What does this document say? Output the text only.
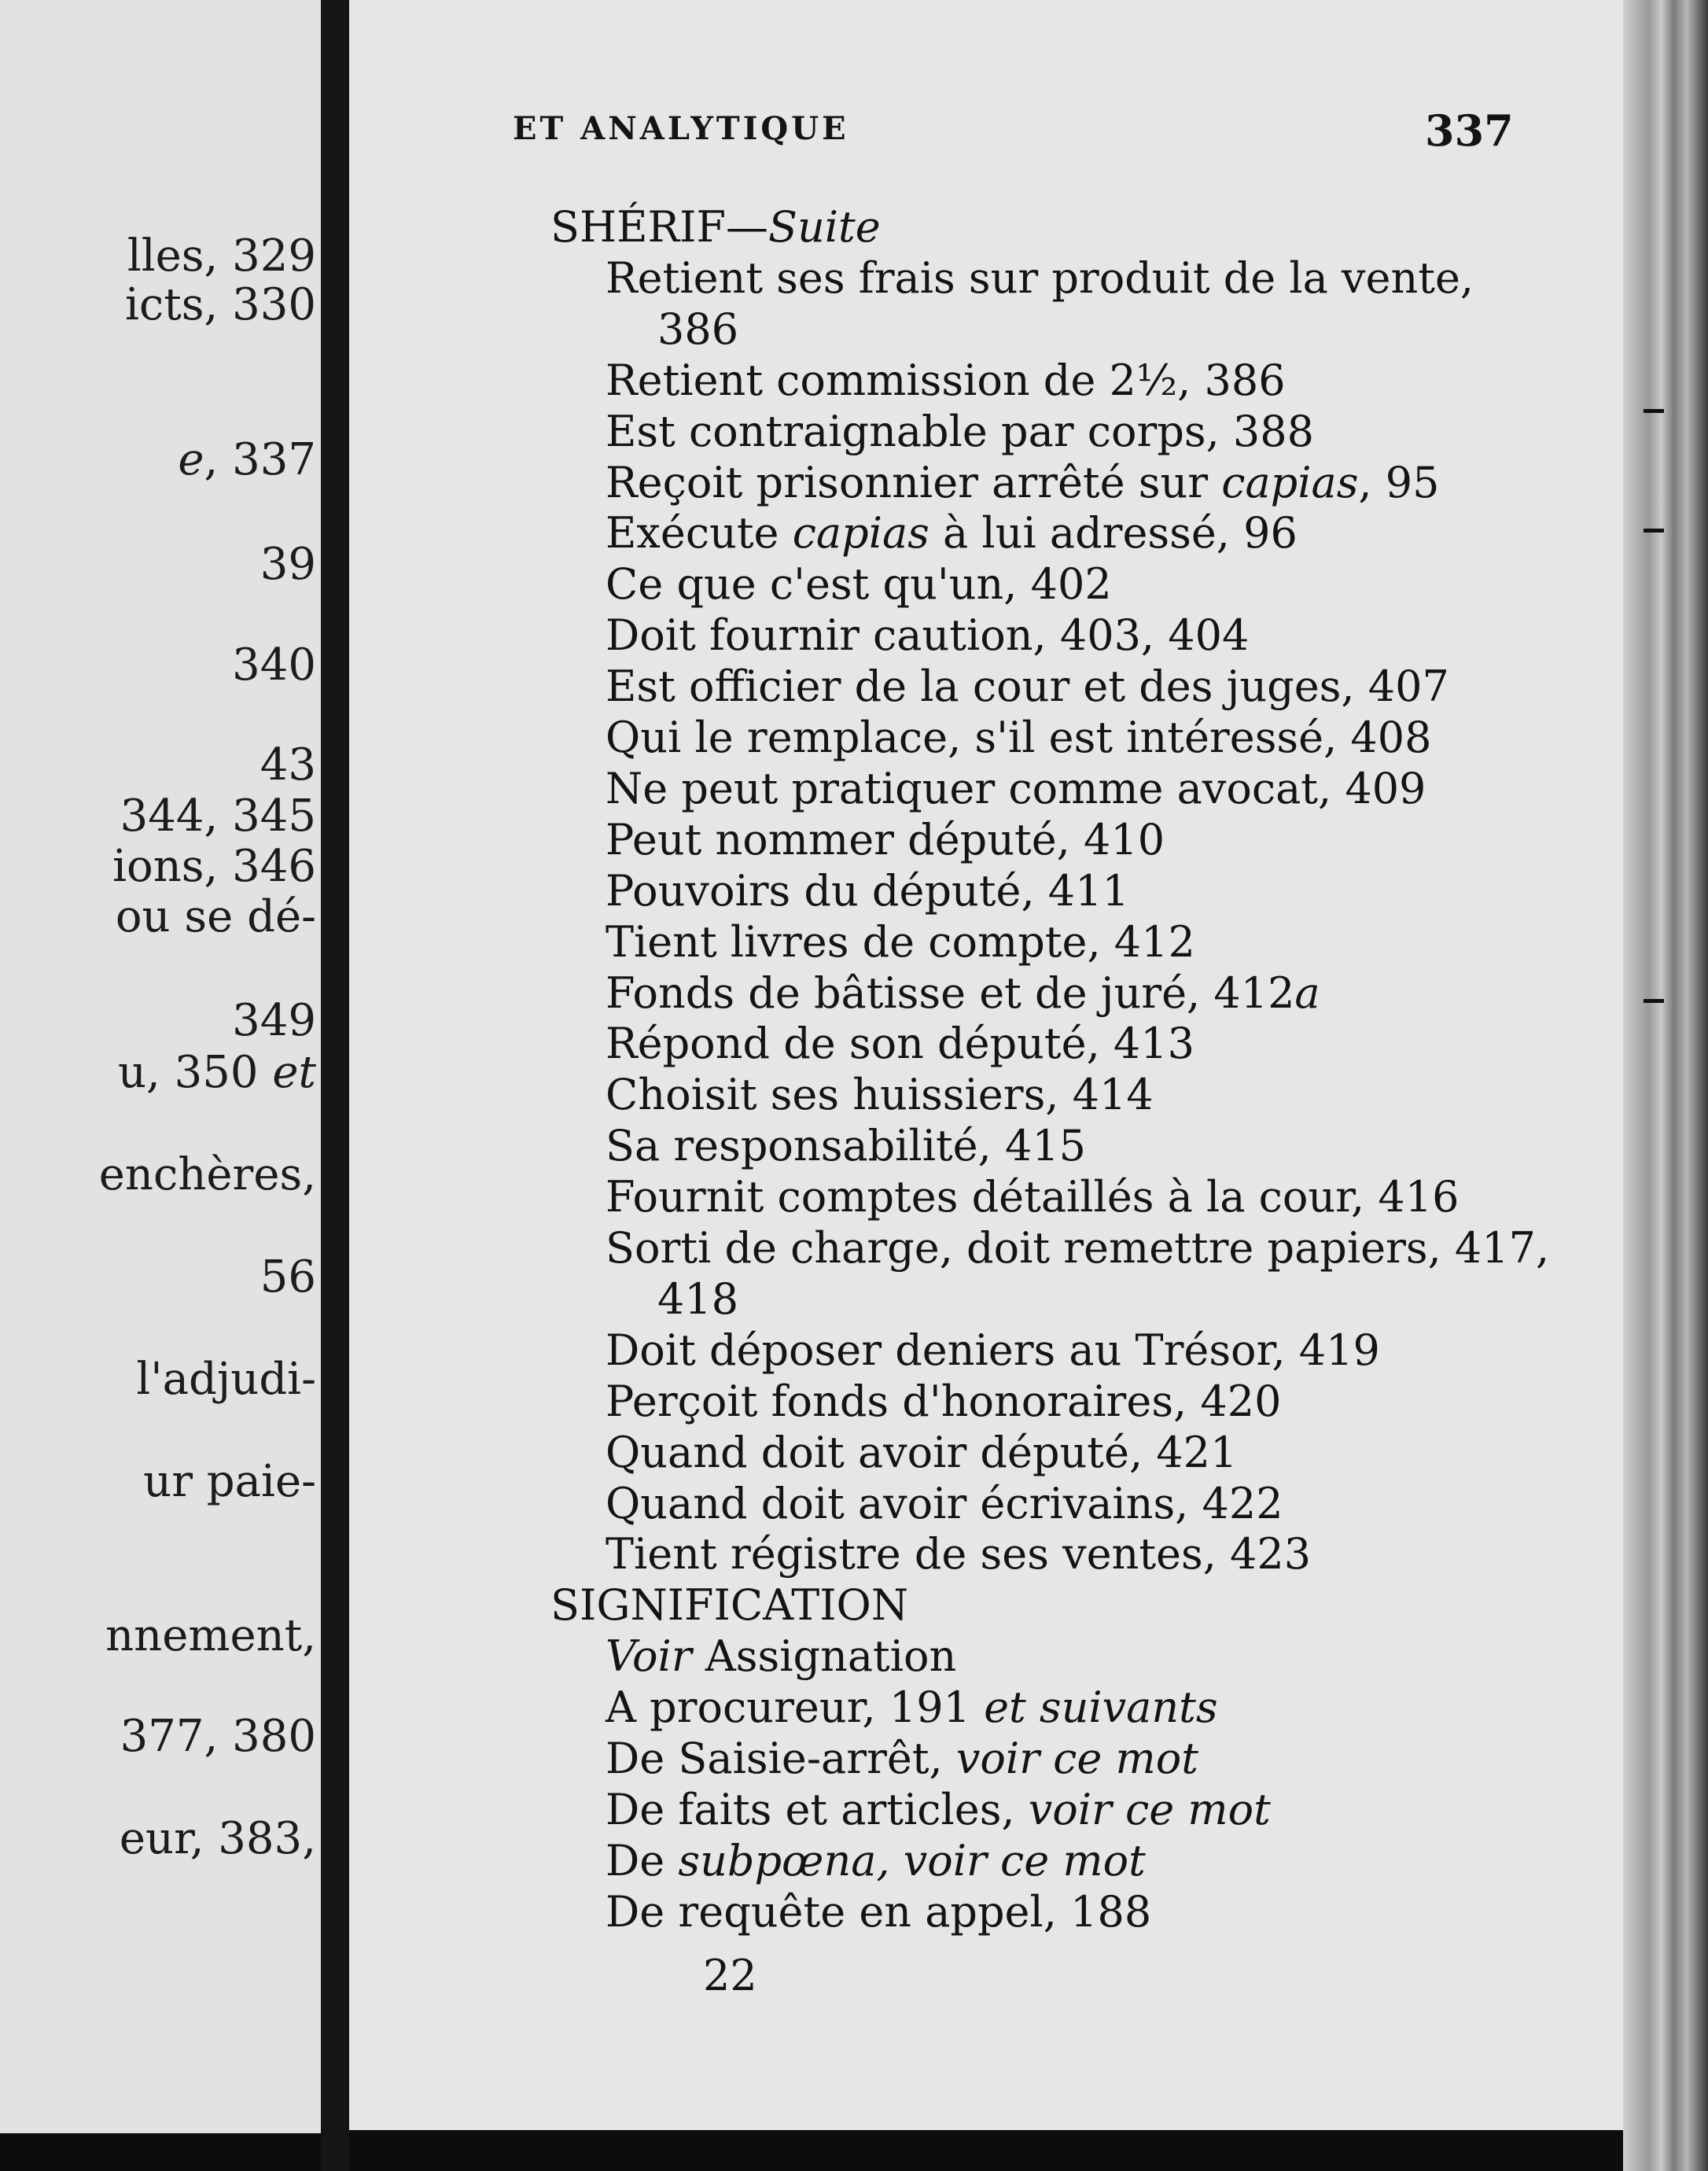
lles, 329
icts, 330
e, 337
39
340
43
344, 345
ions, 346
ou se dé-
349
u, 350 et
enchères,
56
l'adjudi-
ur paie-
nnement,
377, 380
eur, 383,
ET ANALYTIQUE	337
SHÉRIF—Suite
Retient ses frais sur produit de la vente,
386
Retient commission de 2½, 386
Est contraignable par corps, 388
Reçoit prisonnier arrêté sur capias, 95
Exécute capias à lui adressé, 96
Ce que c'est qu'un, 402
Doit fournir caution, 403, 404
Est officier de la cour et des juges, 407
Qui le remplace, s'il est intéressé, 408
Ne peut pratiquer comme avocat, 409
Peut nommer député, 410
Pouvoirs du député, 411
Tient livres de compte, 412
Fonds de bâtisse et de juré, 412a
Répond de son député, 413
Choisit ses huissiers, 414
Sa responsabilité, 415
Fournit comptes détaillés à la cour, 416
Sorti de charge, doit remettre papiers, 417,
418
Doit déposer deniers au Trésor, 419
Perçoit fonds d'honoraires, 420
Quand doit avoir député, 421
Quand doit avoir écrivains, 422
Tient régistre de ses ventes, 423
SIGNIFICATION
Voir Assignation
A procureur, 191 et suivants
De Saisie-arrêt, voir ce mot
De faits et articles, voir ce mot
De subpœna, voir ce mot
De requête en appel, 188
22
